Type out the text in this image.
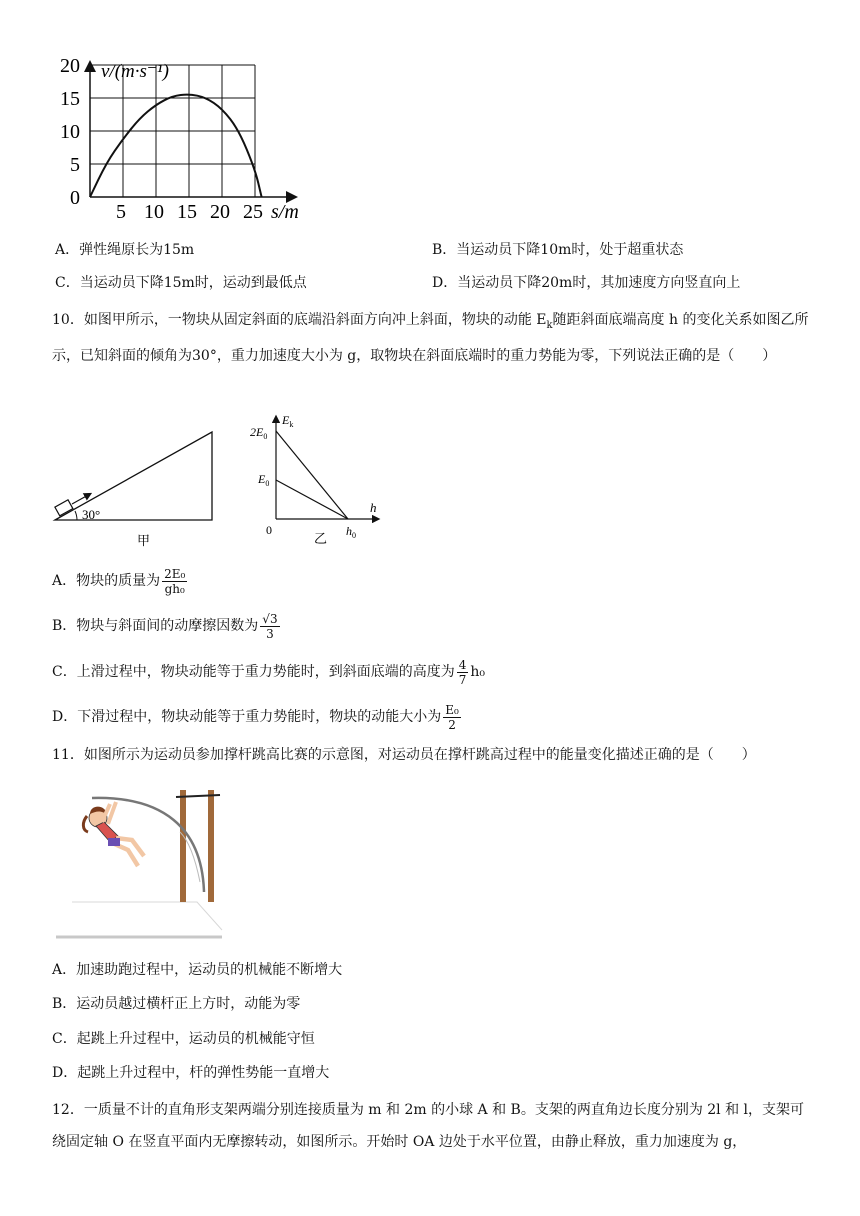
0
5
10
15
20
5 10 15 20 25
v/(m·s⁻¹)
s/m
A．弹性绳原长为15m	B．当运动员下降10m时，处于超重状态
C．当运动员下降15m时，运动到最低点	D．当运动员下降20m时，其加速度方向竖直向上
10．如图甲所示，一物块从固定斜面的底端沿斜面方向冲上斜面，物块的动能 $E_k$随距斜面底端高度 h 的变化关系如图乙所示，已知斜面的倾角为30°，重力加速度大小为 g，取物块在斜面底端时的重力势能为零，下列说法正确的是（　　）
30°
甲
$E_k$
$2E_0$
$E_0$
0	$h_0$
h
乙
A．物块的质量为 $\frac{\text{2E₀}}{\text{gh₀}}$
B．物块与斜面间的动摩擦因数为 $\frac{√3}{3}$
C．上滑过程中，物块动能等于重力势能时，到斜面底端的高度为 $\frac{4}{7} h_0$
D．下滑过程中，物块动能等于重力势能时，物块的动能大小为 $\frac{\text{E₀}}{2}$
11．如图所示为运动员参加撑杆跳高比赛的示意图，对运动员在撑杆跳高过程中的能量变化描述正确的是（　　）
A．加速助跑过程中，运动员的机械能不断增大
B．运动员越过横杆正上方时，动能为零
C．起跳上升过程中，运动员的机械能守恒
D．起跳上升过程中，杆的弹性势能一直增大
12．一质量不计的直角形支架两端分别连接质量为 m 和 2m 的小球 A 和 B。支架的两直角边长度分别为 2l 和 l，支架可绕固定轴 O 在竖直平面内无摩擦转动，如图所示。开始时 OA 边处于水平位置，由静止释放，重力加速度为 g，
